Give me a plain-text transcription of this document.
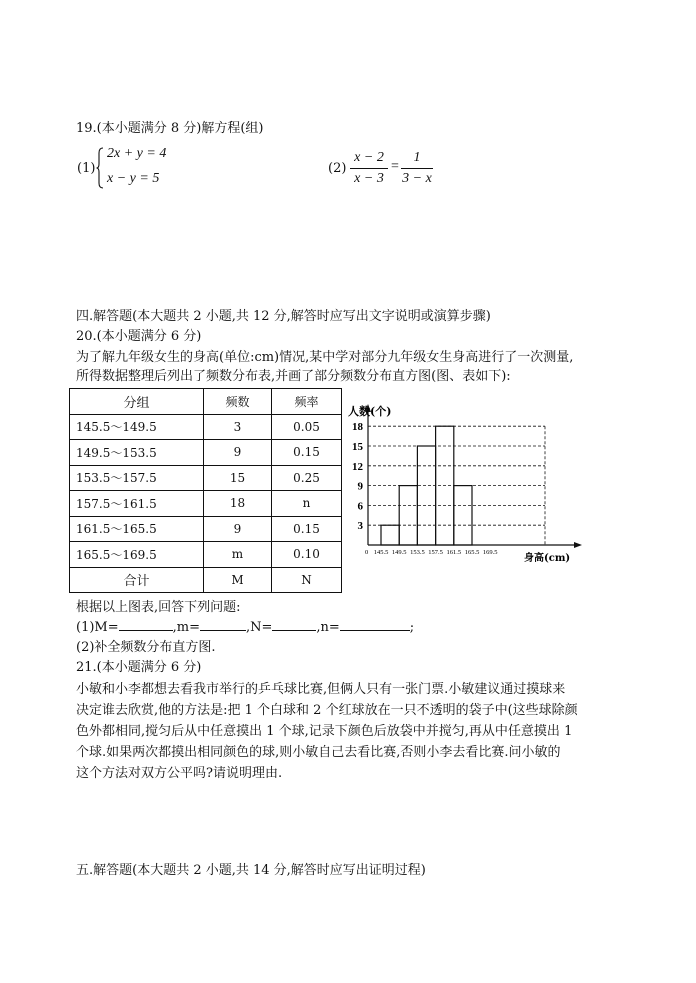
19.(本小题满分 8 分)解方程(组)
(1)
2x + y = 4
x − y = 5
(2)
x − 2
x − 3
=
1
3 − x
四.解答题(本大题共 2 小题,共 12 分,解答时应写出文字说明或演算步骤)
20.(本小题满分 6 分)
为了解九年级女生的身高(单位:cm)情况,某中学对部分九年级女生身高进行了一次测量,
所得数据整理后列出了频数分布表,并画了部分频数分布直方图(图、表如下):
分组	频数	频率
145.5～149.5	3	0.05
149.5～153.5	9	0.15
153.5～157.5	15	0.25
157.5～161.5	18	n
161.5～165.5	9	0.15
165.5～169.5	m	0.10
合计	M	N
3
6
9
12
15
18
人数(个)
0 145.5 149.5 153.5 157.5 161.5 165.5 169.5
身高(cm)
根据以上图表,回答下列问题:
(1)M=	,m=	,N=	,n=	;
(2)补全频数分布直方图.
21.(本小题满分 6 分)
小敏和小李都想去看我市举行的乒乓球比赛,但俩人只有一张门票.小敏建议通过摸球来
决定谁去欣赏,他的方法是:把 1 个白球和 2 个红球放在一只不透明的袋子中(这些球除颜
色外都相同,搅匀后从中任意摸出 1 个球,记录下颜色后放袋中并搅匀,再从中任意摸出 1
个球.如果两次都摸出相同颜色的球,则小敏自己去看比赛,否则小李去看比赛.问小敏的
这个方法对双方公平吗?请说明理由.
五.解答题(本大题共 2 小题,共 14 分,解答时应写出证明过程)
